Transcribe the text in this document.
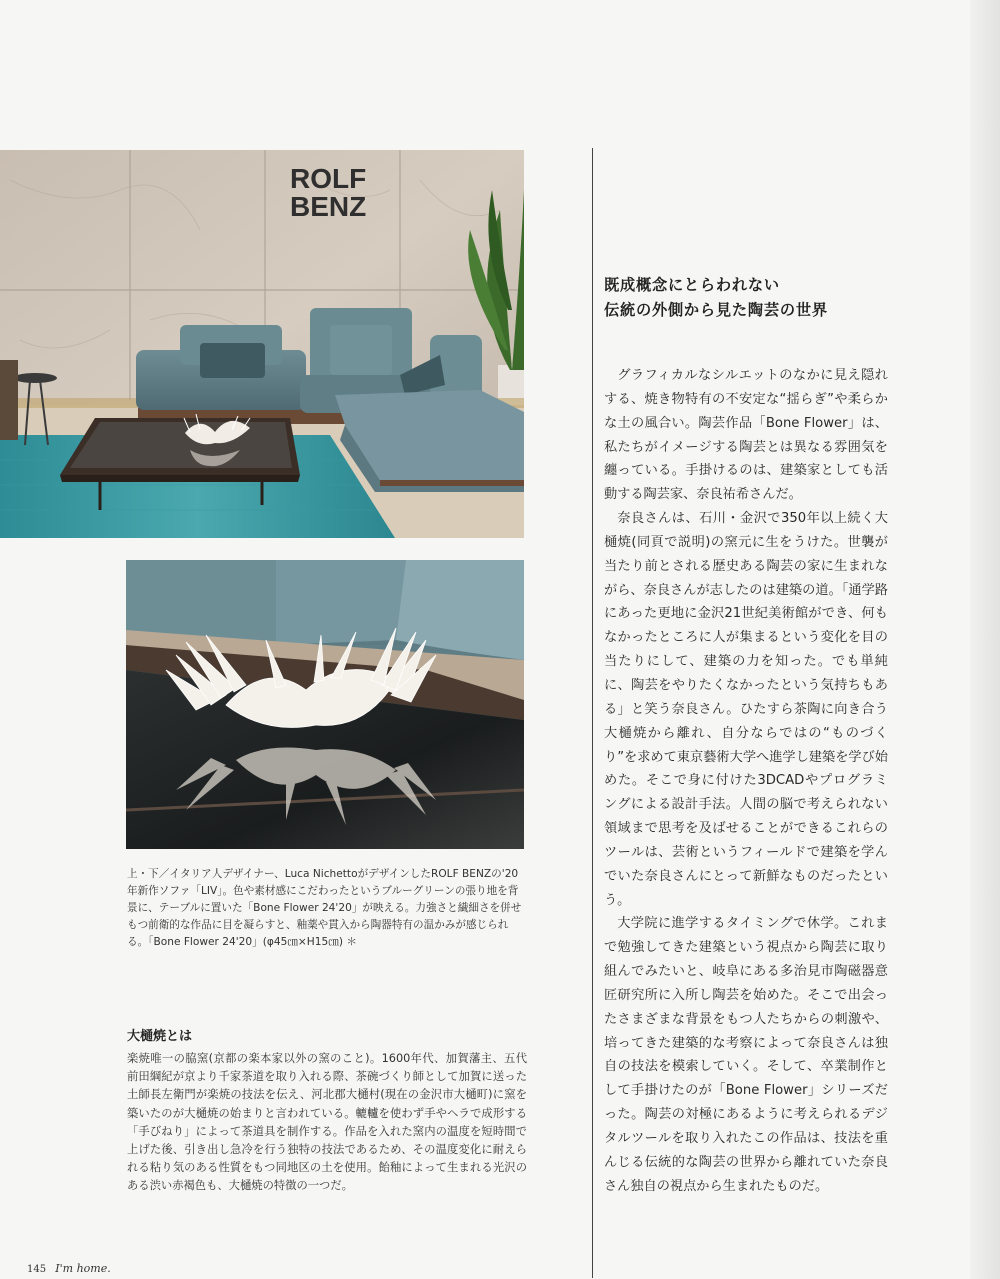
ROLF
BENZ

上・下／イタリア人デザイナー、Luca NichettoがデザインしたROLF BENZの'20年新作ソファ「LIV」。色や素材感にこだわったというブルーグリーンの張り地を背景に、テーブルに置いた「Bone Flower 24'20」が映える。力強さと繊細さを併せもつ前衛的な作品に目を凝らすと、釉薬や貫入から陶器特有の温かみが感じられる。「Bone Flower 24'20」(φ45㎝×H15㎝) ＊

大樋焼とは

楽焼唯一の脇窯(京都の楽本家以外の窯のこと)。1600年代、加賀藩主、五代 前田綱紀が京より千家茶道を取り入れる際、茶碗づくり師として加賀に送った土師長左衛門が楽焼の技法を伝え、河北郡大樋村(現在の金沢市大樋町)に窯を築いたのが大樋焼の始まりと言われている。轆轤を使わず手やヘラで成形する「手びねり」によって茶道具を制作する。作品を入れた窯内の温度を短時間で上げた後、引き出し急冷を行う独特の技法であるため、その温度変化に耐えられる粘り気のある性質をもつ同地区の土を使用。飴釉によって生まれる光沢のある渋い赤褐色も、大樋焼の特徴の一つだ。

既成概念にとらわれない
伝統の外側から見た陶芸の世界

グラフィカルなシルエットのなかに見え隠れする、焼き物特有の不安定な“揺らぎ”や柔らかな土の風合い。陶芸作品「Bone Flower」は、私たちがイメージする陶芸とは異なる雰囲気を纏っている。手掛けるのは、建築家としても活動する陶芸家、奈良祐希さんだ。

奈良さんは、石川・金沢で350年以上続く大樋焼(同頁で説明)の窯元に生をうけた。世襲が当たり前とされる歴史ある陶芸の家に生まれながら、奈良さんが志したのは建築の道。「通学路にあった更地に金沢21世紀美術館ができ、何もなかったところに人が集まるという変化を目の当たりにして、建築の力を知った。でも単純に、陶芸をやりたくなかったという気持ちもある」と笑う奈良さん。ひたすら茶陶に向き合う大樋焼から離れ、自分ならではの“ものづくり”を求めて東京藝術大学へ進学し建築を学び始めた。そこで身に付けた3DCADやプログラミングによる設計手法。人間の脳で考えられない領域まで思考を及ばせることができるこれらのツールは、芸術というフィールドで建築を学んでいた奈良さんにとって新鮮なものだったという。

大学院に進学するタイミングで休学。これまで勉強してきた建築という視点から陶芸に取り組んでみたいと、岐阜にある多治見市陶磁器意匠研究所に入所し陶芸を始めた。そこで出会ったさまざまな背景をもつ人たちからの刺激や、培ってきた建築的な考察によって奈良さんは独自の技法を模索していく。そして、卒業制作として手掛けたのが「Bone Flower」シリーズだった。陶芸の対極にあるように考えられるデジタルツールを取り入れたこの作品は、技法を重んじる伝統的な陶芸の世界から離れていた奈良さん独自の視点から生まれたものだ。

145 I'm home.
